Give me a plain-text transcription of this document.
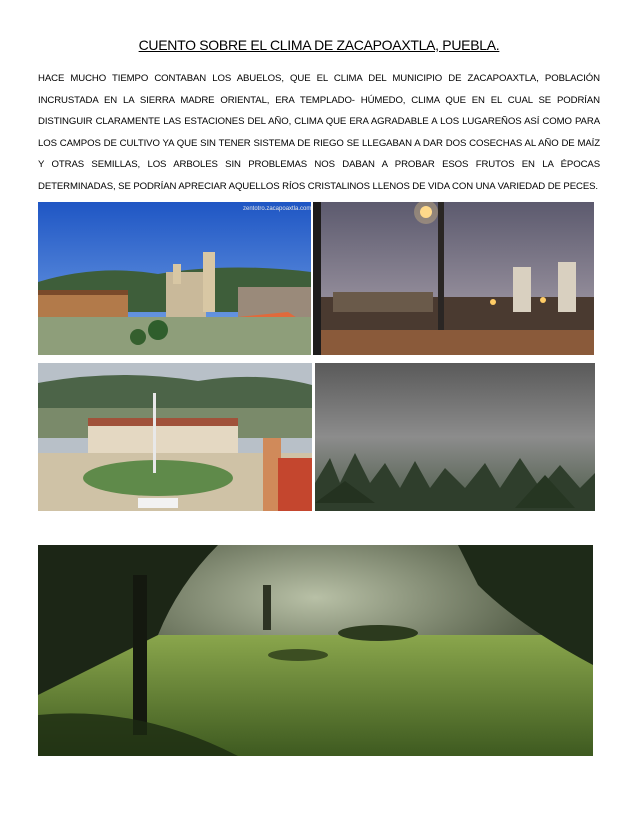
CUENTO SOBRE EL CLIMA DE ZACAPOAXTLA, PUEBLA.
HACE MUCHO TIEMPO CONTABAN LOS ABUELOS, QUE EL CLIMA DEL MUNICIPIO DE ZACAPOAXTLA, POBLACIÓN INCRUSTADA EN LA SIERRA MADRE ORIENTAL, ERA TEMPLADO- HÚMEDO, CLIMA QUE EN EL CUAL SE PODRÍAN DISTINGUIR CLARAMENTE LAS ESTACIONES DEL AÑO, CLIMA QUE ERA AGRADABLE A LOS LUGAREÑOS ASÍ COMO PARA LOS CAMPOS DE CULTIVO YA QUE SIN TENER SISTEMA DE RIEGO SE LLEGABAN A DAR DOS COSECHAS AL AÑO DE MAÍZ Y OTRAS SEMILLAS, LOS ARBOLES SIN PROBLEMAS NOS DABAN A PROBAR ESOS FRUTOS EN LA ÉPOCAS DETERMINADAS, SE PODRÍAN APRECIAR AQUELLOS RÍOS CRISTALINOS LLENOS DE VIDA CON UNA VARIEDAD DE PECES.
zentotro.zacapoaxtla.com
